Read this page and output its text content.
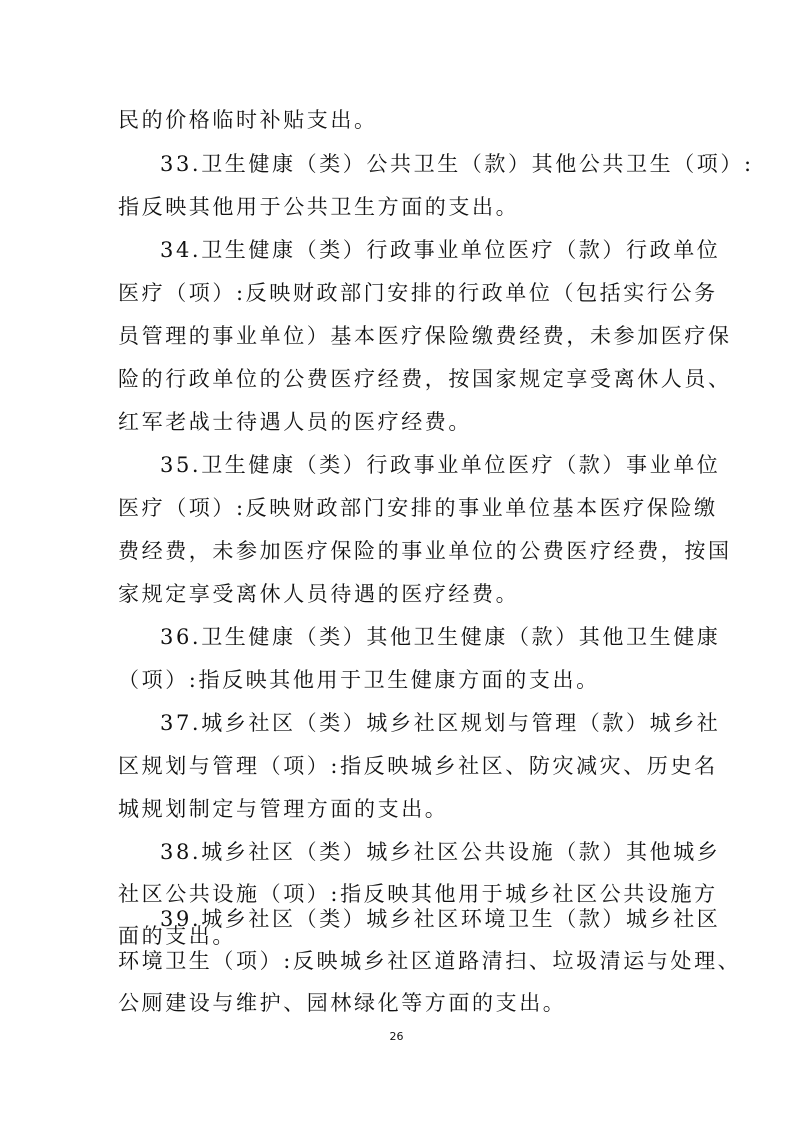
民的价格临时补贴支出。
33.卫生健康（类）公共卫生（款）其他公共卫生（项）:
指反映其他用于公共卫生方面的支出。
34.卫生健康（类）行政事业单位医疗（款）行政单位
医疗（项）:反映财政部门安排的行政单位（包括实行公务
员管理的事业单位）基本医疗保险缴费经费，未参加医疗保
险的行政单位的公费医疗经费，按国家规定享受离休人员、
红军老战士待遇人员的医疗经费。
35.卫生健康（类）行政事业单位医疗（款）事业单位
医疗（项）:反映财政部门安排的事业单位基本医疗保险缴
费经费，未参加医疗保险的事业单位的公费医疗经费，按国
家规定享受离休人员待遇的医疗经费。
36.卫生健康（类）其他卫生健康（款）其他卫生健康
（项）:指反映其他用于卫生健康方面的支出。
37.城乡社区（类）城乡社区规划与管理（款）城乡社
区规划与管理（项）:指反映城乡社区、防灾减灾、历史名
城规划制定与管理方面的支出。
38.城乡社区（类）城乡社区公共设施（款）其他城乡
社区公共设施（项）:指反映其他用于城乡社区公共设施方
面的支出。
39.城乡社区（类）城乡社区环境卫生（款）城乡社区
环境卫生（项）:反映城乡社区道路清扫、垃圾清运与处理、
公厕建设与维护、园林绿化等方面的支出。
26
